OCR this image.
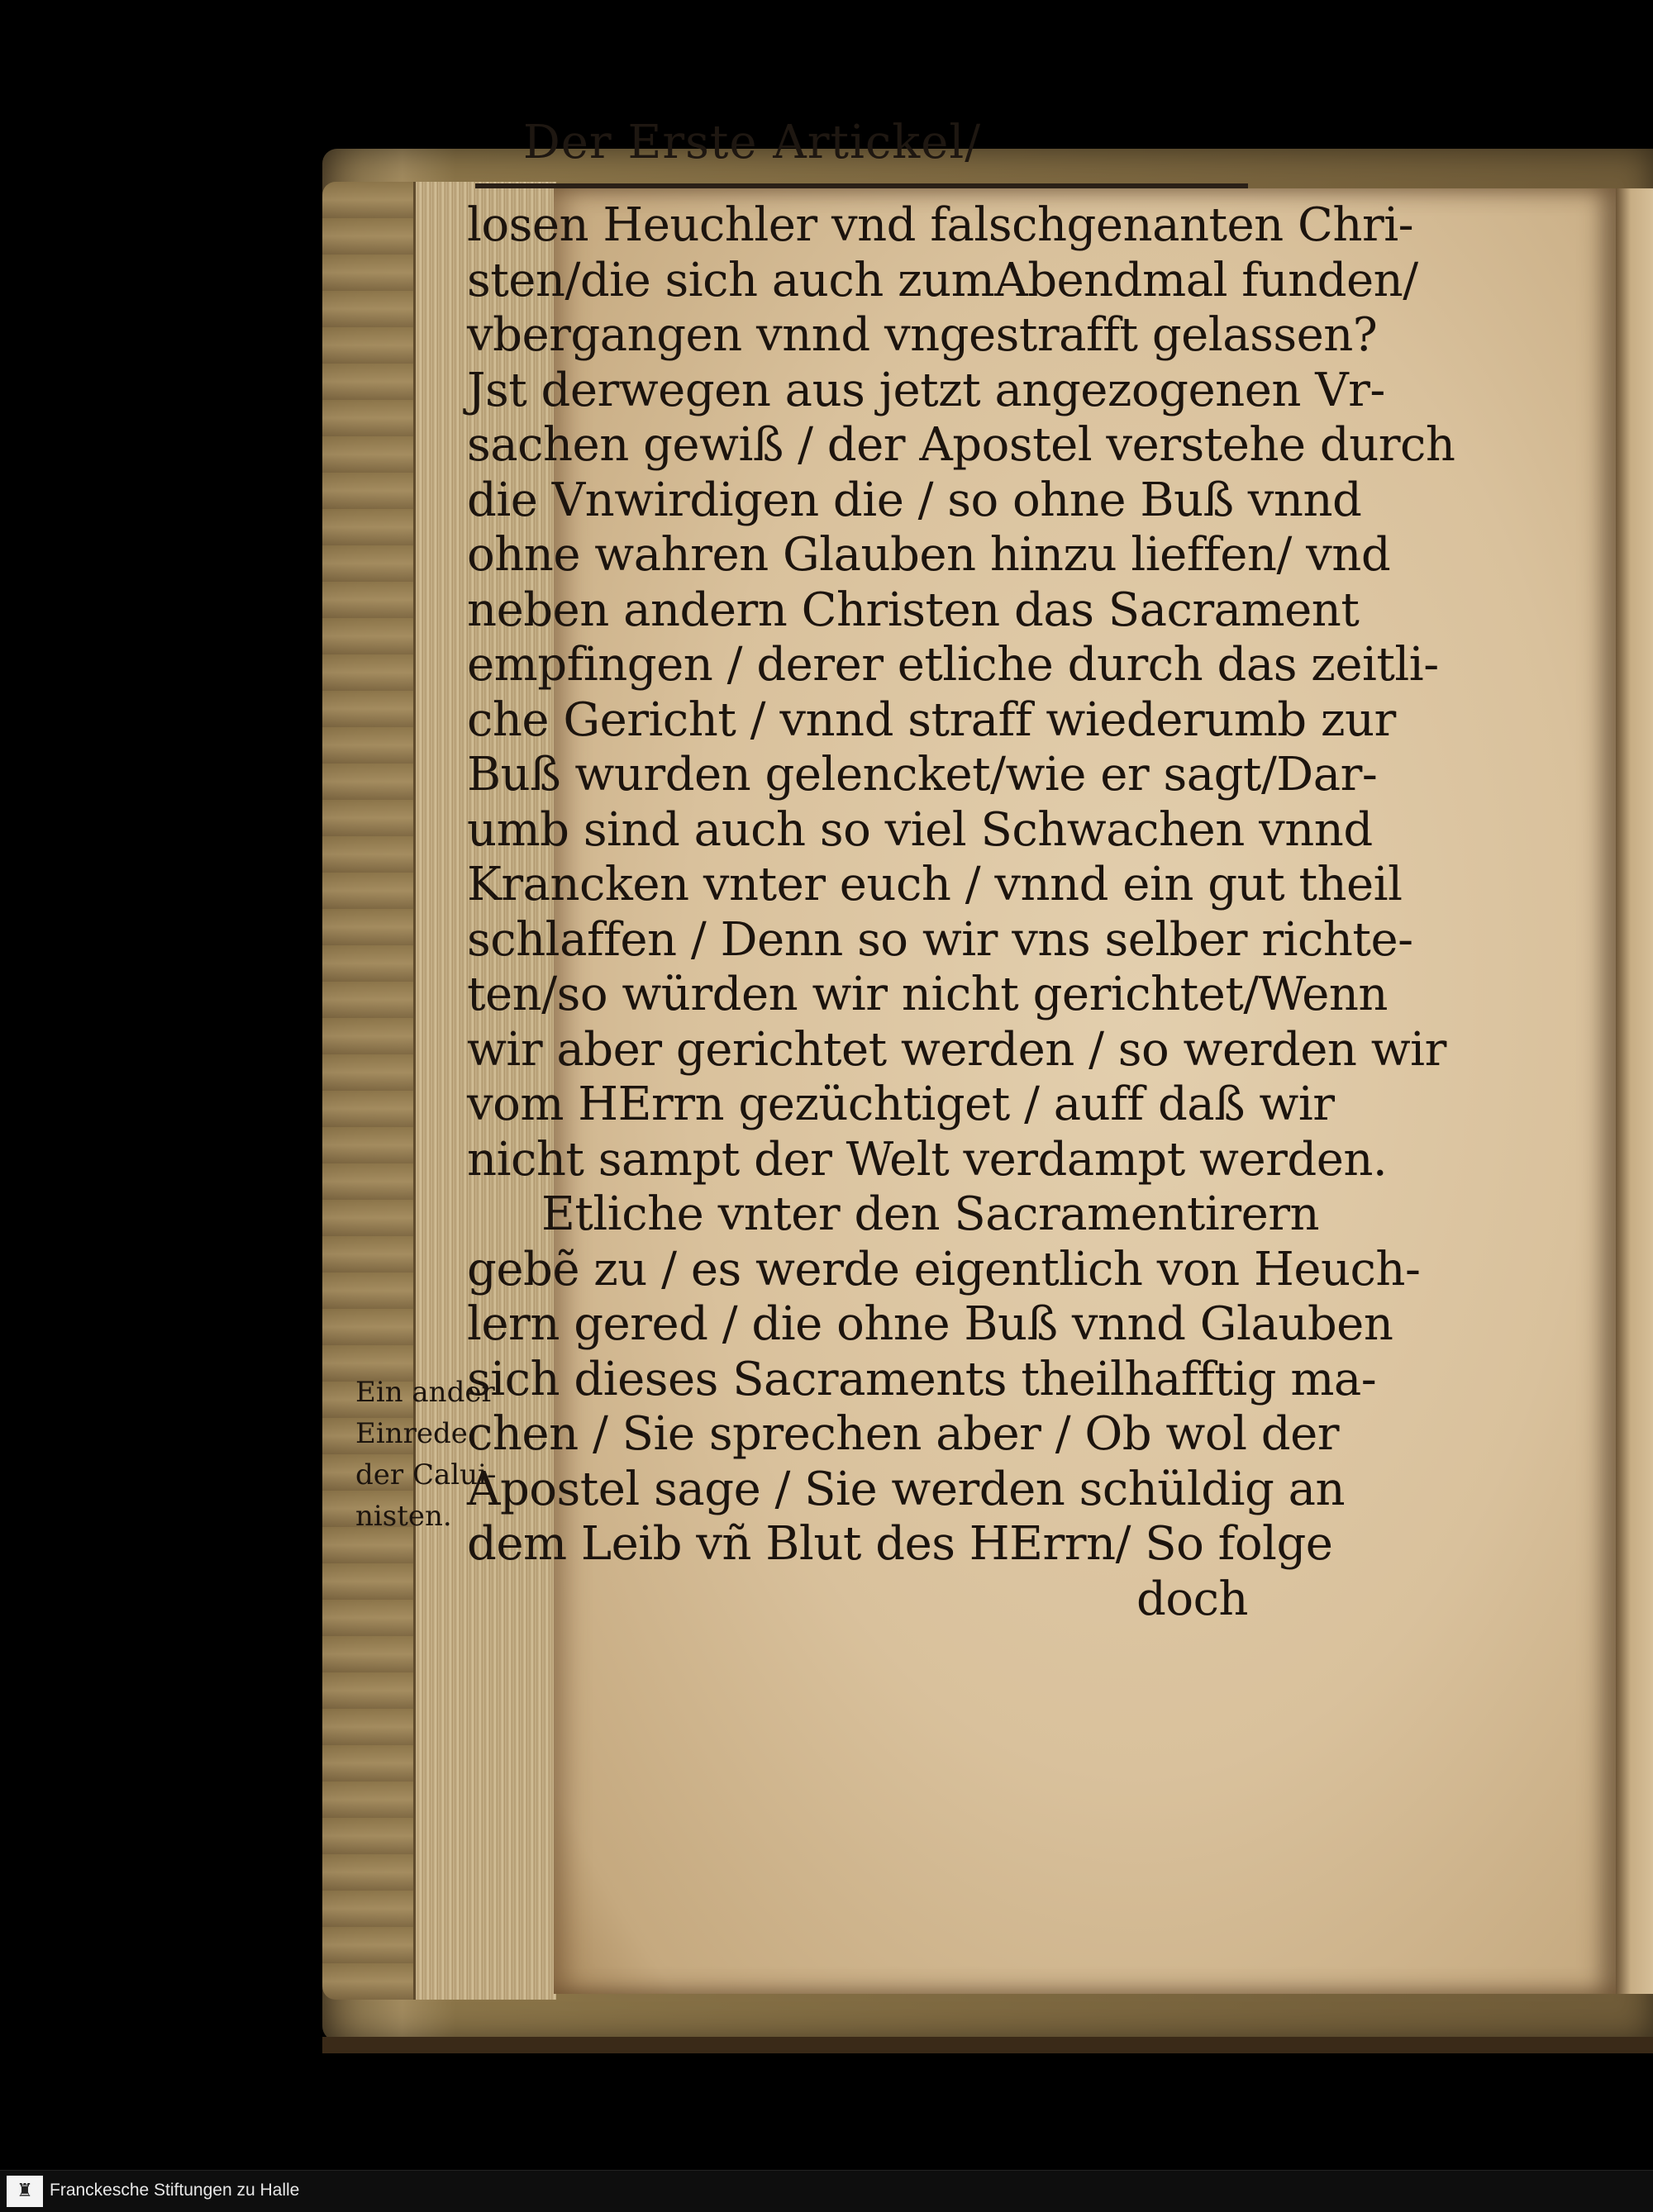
Der Erste Artickel/
losen Heuchler vnd falschgenanten Chri-
sten/die sich auch zumAbendmal funden/
vbergangen vnnd vngestrafft gelassen?
Jst derwegen aus jetzt angezogenen Vr-
sachen gewiß / der Apostel verstehe durch
die Vnwirdigen die / so ohne Buß vnnd
ohne wahren Glauben hinzu lieffen/ vnd
neben andern Christen das Sacrament
empfingen / derer etliche durch das zeitli-
che Gericht / vnnd straff wiederumb zur
Buß wurden gelencket/wie er sagt/Dar-
umb sind auch so viel Schwachen vnnd
Krancken vnter euch / vnnd ein gut theil
schlaffen / Denn so wir vns selber richte-
ten/so würden wir nicht gerichtet/Wenn
wir aber gerichtet werden / so werden wir
vom HErrn gezüchtiget / auff daß wir
nicht sampt der Welt verdampt werden.
Etliche vnter den Sacramentirern
gebẽ zu / es werde eigentlich von Heuch-
lern gered / die ohne Buß vnnd Glauben
sich dieses Sacraments theilhafftig ma-
chen / Sie sprechen aber / Ob wol der
Apostel sage / Sie werden schüldig an
dem Leib vñ Blut des HErrn/ So folge
doch
Ein ander
Einrede
der Calui-
nisten.
♜ Franckesche Stiftungen zu Halle
